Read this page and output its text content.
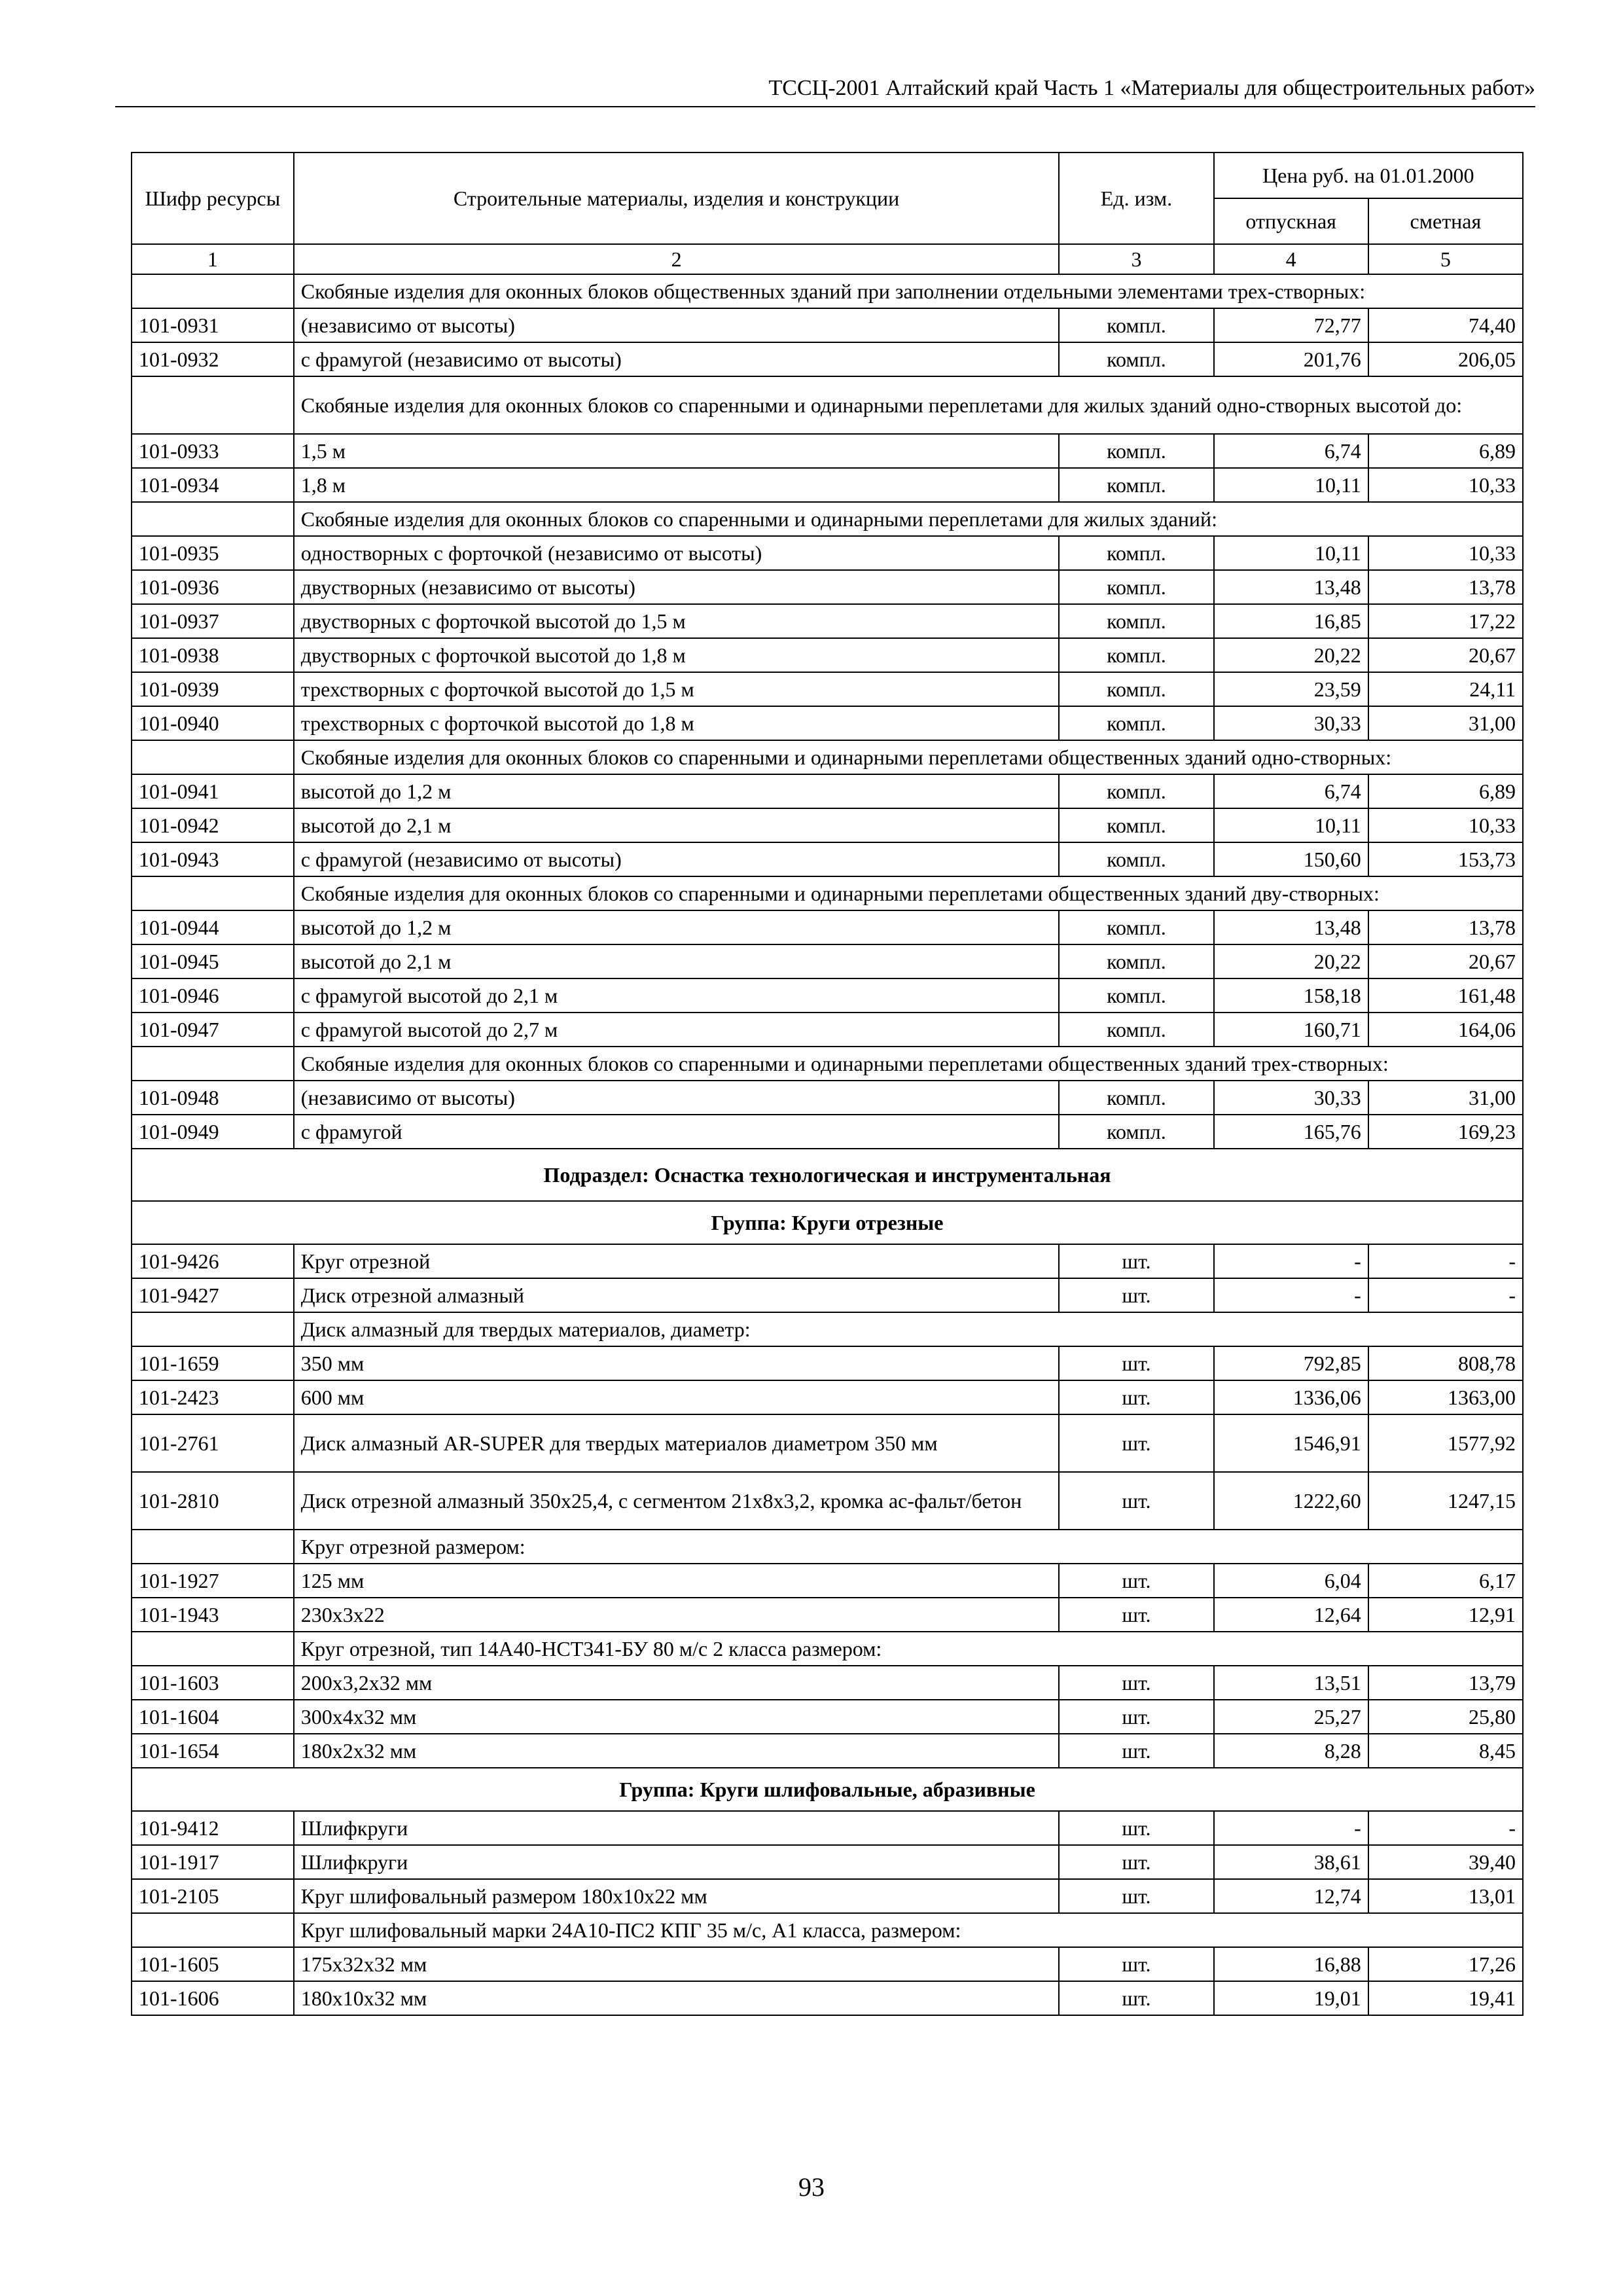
ТССЦ-2001 Алтайский край Часть 1 «Материалы для общестроительных работ»
Шифр ресурсы	Строительные материалы, изделия и конструкции	Ед. изм.	Цена руб. на 01.01.2000	
			отпускная	сметная
1	2	3	4	5
	Скобяные изделия для оконных блоков общественных зданий при заполнении отдельными элементами трех-створных:			
101-0931	(независимо от высоты)	компл.	72,77	74,40
101-0932	с фрамугой (независимо от высоты)	компл.	201,76	206,05
	Скобяные изделия для оконных блоков со спаренными и одинарными переплетами для жилых зданий одно-створных высотой до:			
101-0933	1,5 м	компл.	6,74	6,89
101-0934	1,8 м	компл.	10,11	10,33
	Скобяные изделия для оконных блоков со спаренными и одинарными переплетами для жилых зданий:			
101-0935	одностворных с форточкой (независимо от высоты)	компл.	10,11	10,33
101-0936	двустворных (независимо от высоты)	компл.	13,48	13,78
101-0937	двустворных с форточкой высотой до 1,5 м	компл.	16,85	17,22
101-0938	двустворных с форточкой высотой до 1,8 м	компл.	20,22	20,67
101-0939	трехстворных с форточкой высотой до 1,5 м	компл.	23,59	24,11
101-0940	трехстворных с форточкой высотой до 1,8 м	компл.	30,33	31,00
	Скобяные изделия для оконных блоков со спаренными и одинарными переплетами общественных зданий одно-створных:			
101-0941	высотой до 1,2 м	компл.	6,74	6,89
101-0942	высотой до 2,1 м	компл.	10,11	10,33
101-0943	с фрамугой (независимо от высоты)	компл.	150,60	153,73
	Скобяные изделия для оконных блоков со спаренными и одинарными переплетами общественных зданий дву-створных:			
101-0944	высотой до 1,2 м	компл.	13,48	13,78
101-0945	высотой до 2,1 м	компл.	20,22	20,67
101-0946	с фрамугой высотой до 2,1 м	компл.	158,18	161,48
101-0947	с фрамугой высотой до 2,7 м	компл.	160,71	164,06
	Скобяные изделия для оконных блоков со спаренными и одинарными переплетами общественных зданий трех-створных:			
101-0948	(независимо от высоты)	компл.	30,33	31,00
101-0949	с фрамугой	компл.	165,76	169,23
Подраздел: Оснастка технологическая и инструментальная				
Группа: Круги отрезные				
101-9426	Круг отрезной	шт.	-	-
101-9427	Диск отрезной алмазный	шт.	-	-
	Диск алмазный для твердых материалов, диаметр:			
101-1659	350 мм	шт.	792,85	808,78
101-2423	600 мм	шт.	1336,06	1363,00
101-2761	Диск алмазный AR-SUPER для твердых материалов диаметром 350 мм	шт.	1546,91	1577,92
101-2810	Диск отрезной алмазный 350х25,4, с сегментом 21х8х3,2, кромка ас-фальт/бетон	шт.	1222,60	1247,15
	Круг отрезной размером:			
101-1927	125 мм	шт.	6,04	6,17
101-1943	230х3х22	шт.	12,64	12,91
	Круг отрезной, тип 14А40-НСТ341-БУ 80 м/с 2 класса размером:			
101-1603	200х3,2х32 мм	шт.	13,51	13,79
101-1604	300х4х32 мм	шт.	25,27	25,80
101-1654	180х2х32 мм	шт.	8,28	8,45
Группа: Круги шлифовальные, абразивные				
101-9412	Шлифкруги	шт.	-	-
101-1917	Шлифкруги	шт.	38,61	39,40
101-2105	Круг шлифовальный размером 180х10х22 мм	шт.	12,74	13,01
	Круг шлифовальный марки 24А10-ПС2 КПГ 35 м/с, А1 класса, размером:			
101-1605	175х32х32 мм	шт.	16,88	17,26
101-1606	180х10х32 мм	шт.	19,01	19,41
93
